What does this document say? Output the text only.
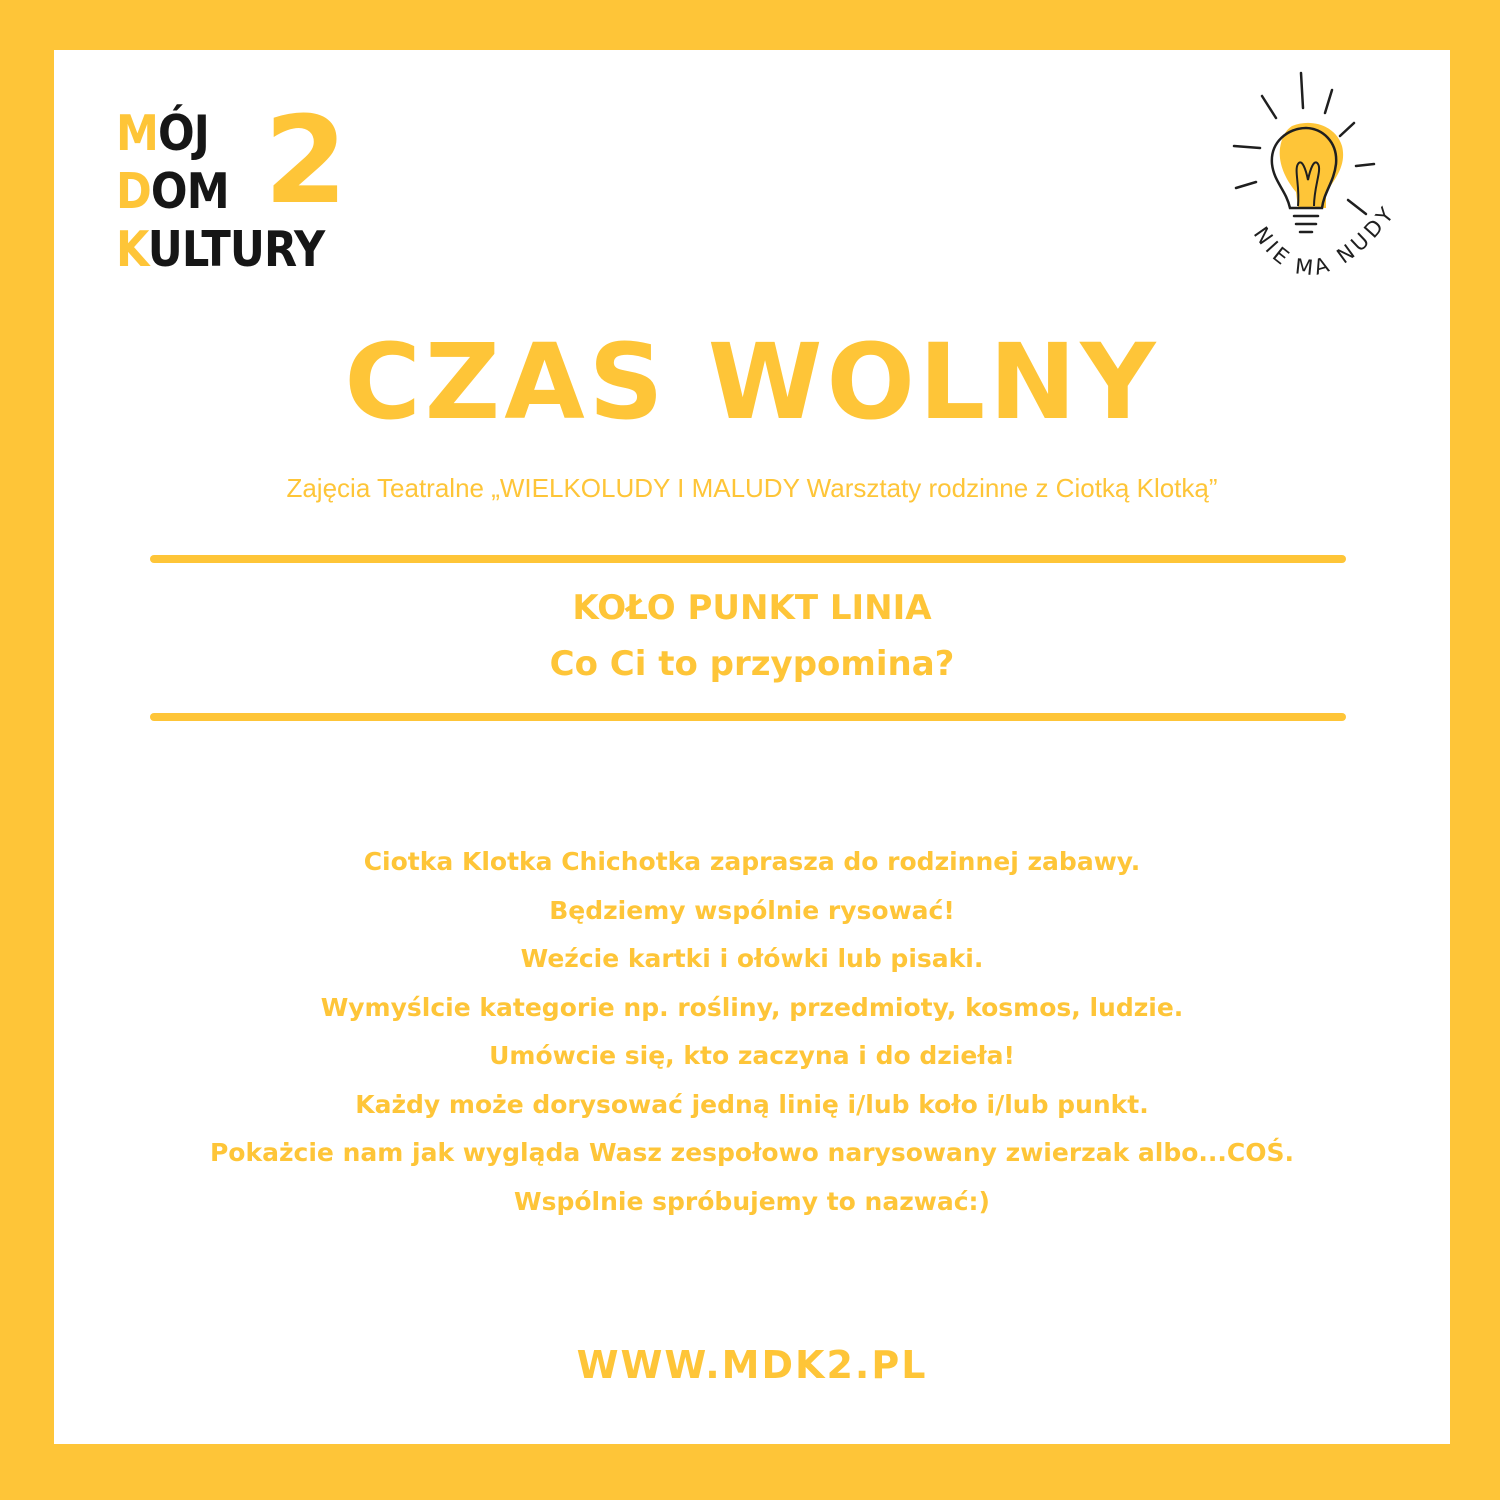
2
MÓJ
DOM
KULTURY	NIE MA NUDY
CZAS WOLNY
Zajęcia Teatralne „WIELKOLUDY I MALUDY Warsztaty rodzinne z Ciotką Klotką”
KOŁO PUNKT LINIA
Co Ci to przypomina?
Ciotka Klotka Chichotka zaprasza do rodzinnej zabawy.
Będziemy wspólnie rysować!
Weźcie kartki i ołówki lub pisaki.
Wymyślcie kategorie np. rośliny, przedmioty, kosmos, ludzie.
Umówcie się, kto zaczyna i do dzieła!
Każdy może dorysować jedną linię i/lub koło i/lub punkt.
Pokażcie nam jak wygląda Wasz zespołowo narysowany zwierzak albo...COŚ.
Wspólnie spróbujemy to nazwać:)
WWW.MDK2.PL
